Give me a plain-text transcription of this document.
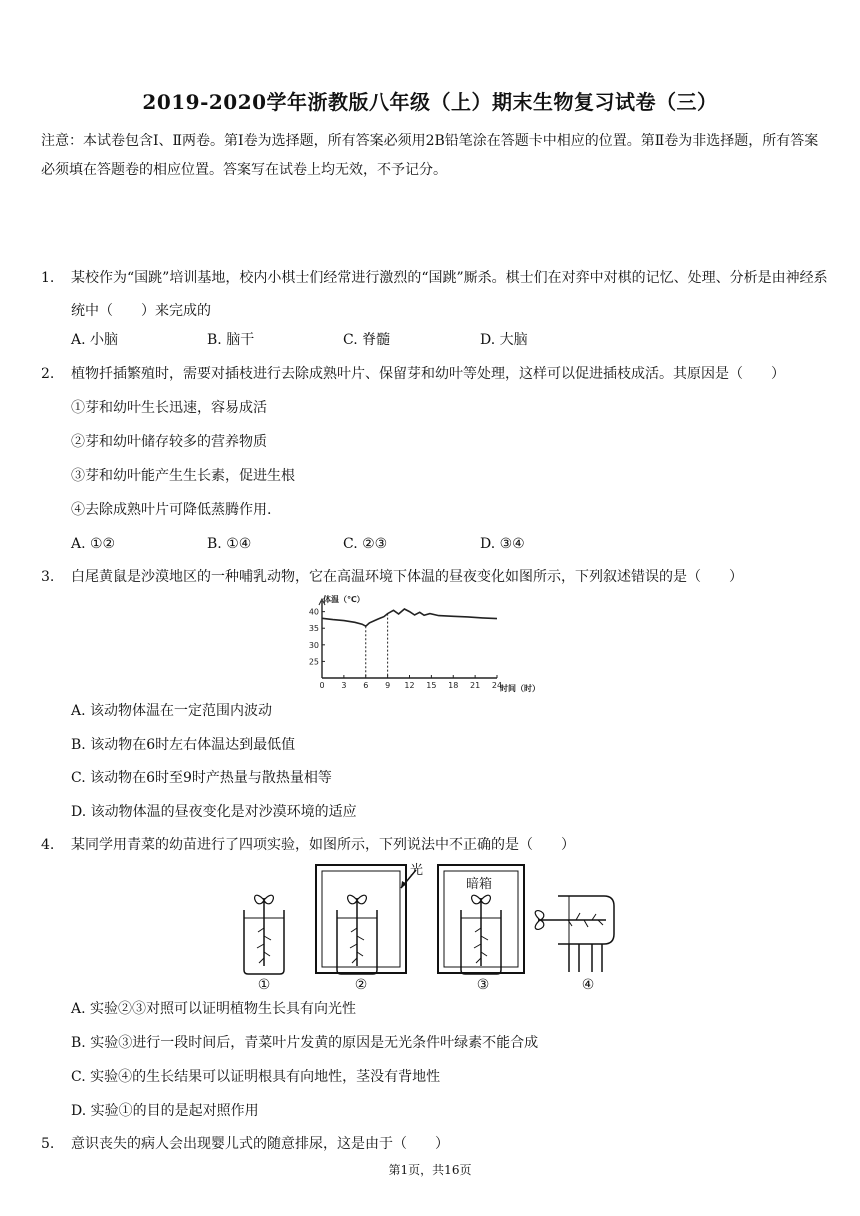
2019-2020学年浙教版八年级（上）期末生物复习试卷（三）
注意：本试卷包含Ⅰ、Ⅱ两卷。第Ⅰ卷为选择题，所有答案必须用2B铅笔涂在答题卡中相应的位置。第Ⅱ卷为非选择题，所有答案必须填在答题卷的相应位置。答案写在试卷上均无效，不予记分。
1.	某校作为“国跳”培训基地，校内小棋士们经常进行激烈的“国跳”厮杀。棋士们在对弈中对棋的记忆、处理、分析是由神经系统中（　　）来完成的
A. 小脑	B. 脑干	C. 脊髓	D. 大脑
2.	植物扦插繁殖时，需要对插枝进行去除成熟叶片、保留芽和幼叶等处理，这样可以促进插枝成活。其原因是（　　）
①芽和幼叶生长迅速，容易成活
②芽和幼叶储存较多的营养物质
③芽和幼叶能产生生长素，促进生根
④去除成熟叶片可降低蒸腾作用.
A. ①②	B. ①④	C. ②③	D. ③④
3.	白尾黄鼠是沙漠地区的一种哺乳动物，它在高温环境下体温的昼夜变化如图所示，下列叙述错误的是（　　）
0 3 6 9 12 15 18 21 24
25
30
35
40
体温（℃）
时间（时）
A. 该动物体温在一定范围内波动
B. 该动物在6时左右体温达到最低值
C. 该动物在6时至9时产热量与散热量相等
D. 该动物体温的昼夜变化是对沙漠环境的适应
4.	某同学用青菜的幼苗进行了四项实验，如图所示，下列说法中不正确的是（　　）
①
光
②
暗箱
③	④
A. 实验②③对照可以证明植物生长具有向光性
B. 实验③进行一段时间后，青菜叶片发黄的原因是无光条件叶绿素不能合成
C. 实验④的生长结果可以证明根具有向地性，茎没有背地性
D. 实验①的目的是起对照作用
5.	意识丧失的病人会出现婴儿式的随意排尿，这是由于（　　）
第1页，共16页
